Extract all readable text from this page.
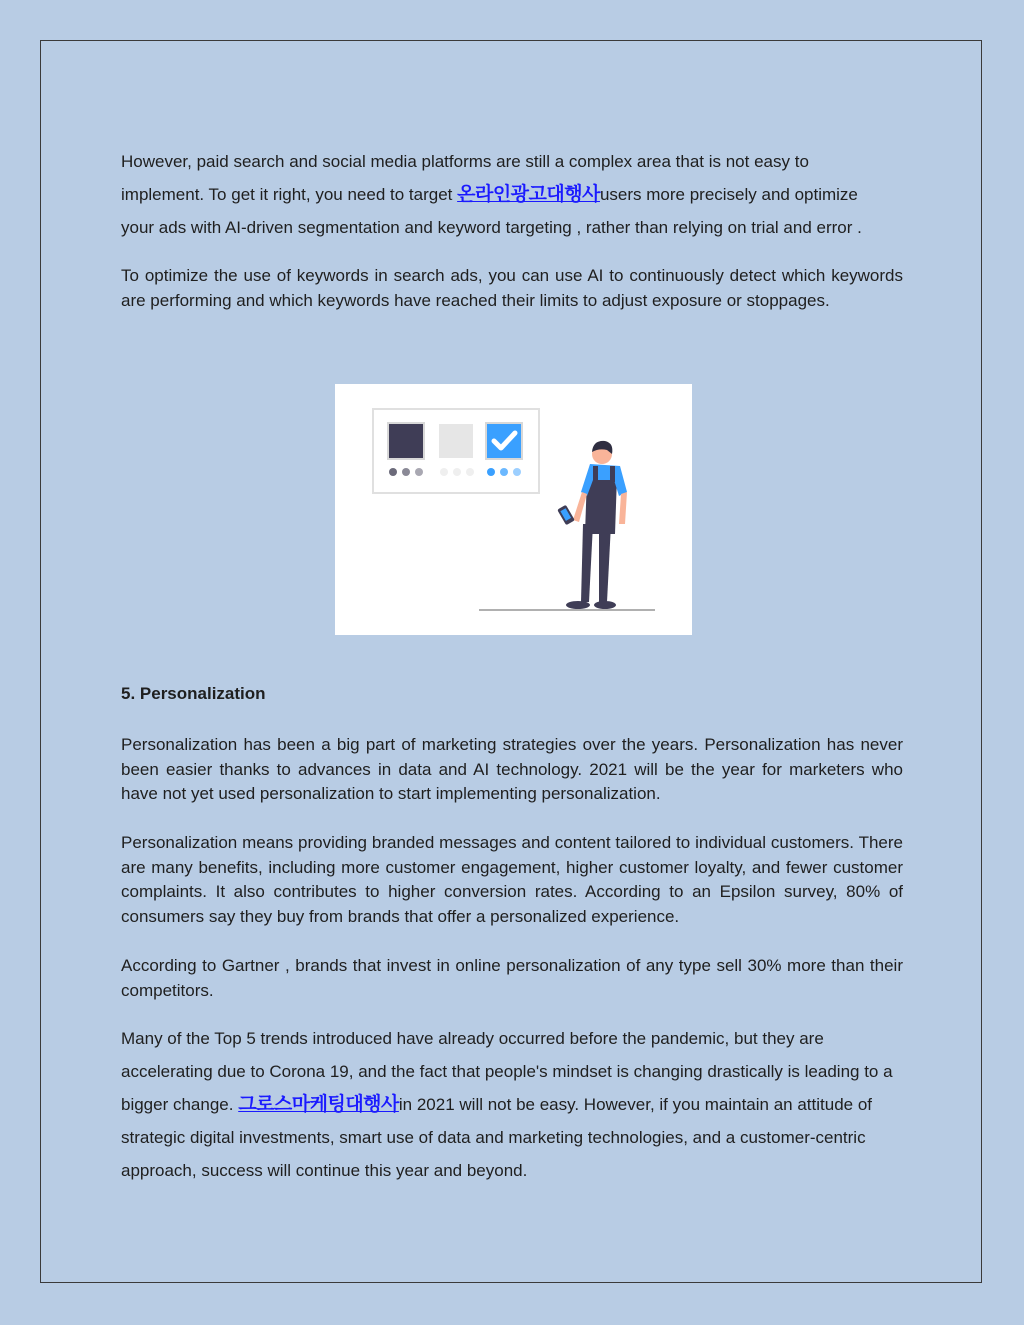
However, paid search and social media platforms are still a complex area that is not easy to implement. To get it right, you need to target 온라인광고대행사users more precisely and optimize your ads with AI-driven segmentation and keyword targeting , rather than relying on trial and error .

To optimize the use of keywords in search ads, you can use AI to continuously detect which keywords are performing and which keywords have reached their limits to adjust exposure or stoppages.

5. Personalization

Personalization has been a big part of marketing strategies over the years. Personalization has never been easier thanks to advances in data and AI technology. 2021 will be the year for marketers who have not yet used personalization to start implementing personalization.

Personalization means providing branded messages and content tailored to individual customers. There are many benefits, including more customer engagement, higher customer loyalty, and fewer customer complaints. It also contributes to higher conversion rates. According to an Epsilon survey, 80% of consumers say they buy from brands that offer a personalized experience.

According to Gartner , brands that invest in online personalization of any type sell 30% more than their competitors.

Many of the Top 5 trends introduced have already occurred before the pandemic, but they are accelerating due to Corona 19, and the fact that people's mindset is changing drastically is leading to a bigger change. 그로스마케팅대행사in 2021 will not be easy. However, if you maintain an attitude of strategic digital investments, smart use of data and marketing technologies, and a customer-centric approach, success will continue this year and beyond.
